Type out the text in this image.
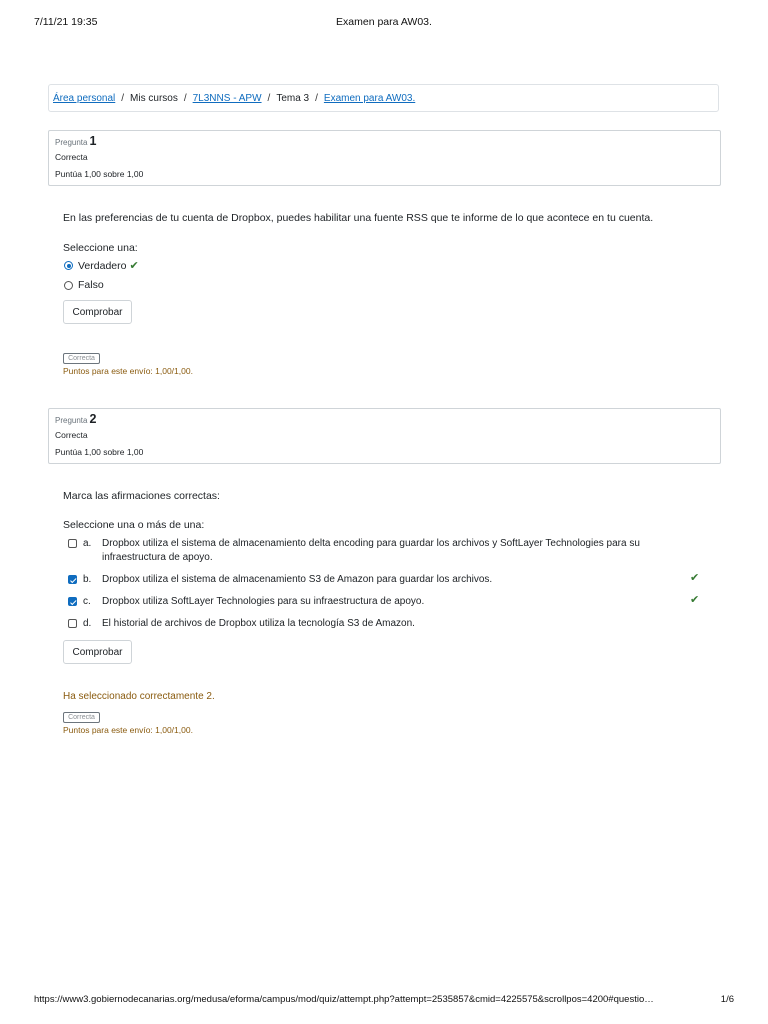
7/11/21 19:35	Examen para AW03.
Área personal / Mis cursos / 7L3NNS - APW / Tema 3 / Examen para AW03.
Pregunta 1
Correcta
Puntúa 1,00 sobre 1,00
En las preferencias de tu cuenta de Dropbox, puedes habilitar una fuente RSS que te informe de lo que acontece en tu cuenta.
Seleccione una:
Verdadero ✔
Falso
Comprobar
Correcta
Puntos para este envío: 1,00/1,00.
Pregunta 2
Correcta
Puntúa 1,00 sobre 1,00
Marca las afirmaciones correctas:
Seleccione una o más de una:
a. Dropbox utiliza el sistema de almacenamiento delta encoding para guardar los archivos y SoftLayer Technologies para su infraestructura de apoyo.
b. Dropbox utiliza el sistema de almacenamiento S3 de Amazon para guardar los archivos.	✔
c. Dropbox utiliza SoftLayer Technologies para su infraestructura de apoyo.	✔
d. El historial de archivos de Dropbox utiliza la tecnología S3 de Amazon.
Comprobar
Ha seleccionado correctamente 2.
Correcta
Puntos para este envío: 1,00/1,00.
https://www3.gobiernodecanarias.org/medusa/eforma/campus/mod/quiz/attempt.php?attempt=2535857&cmid=4225575&scrollpos=4200#questio…	1/6
